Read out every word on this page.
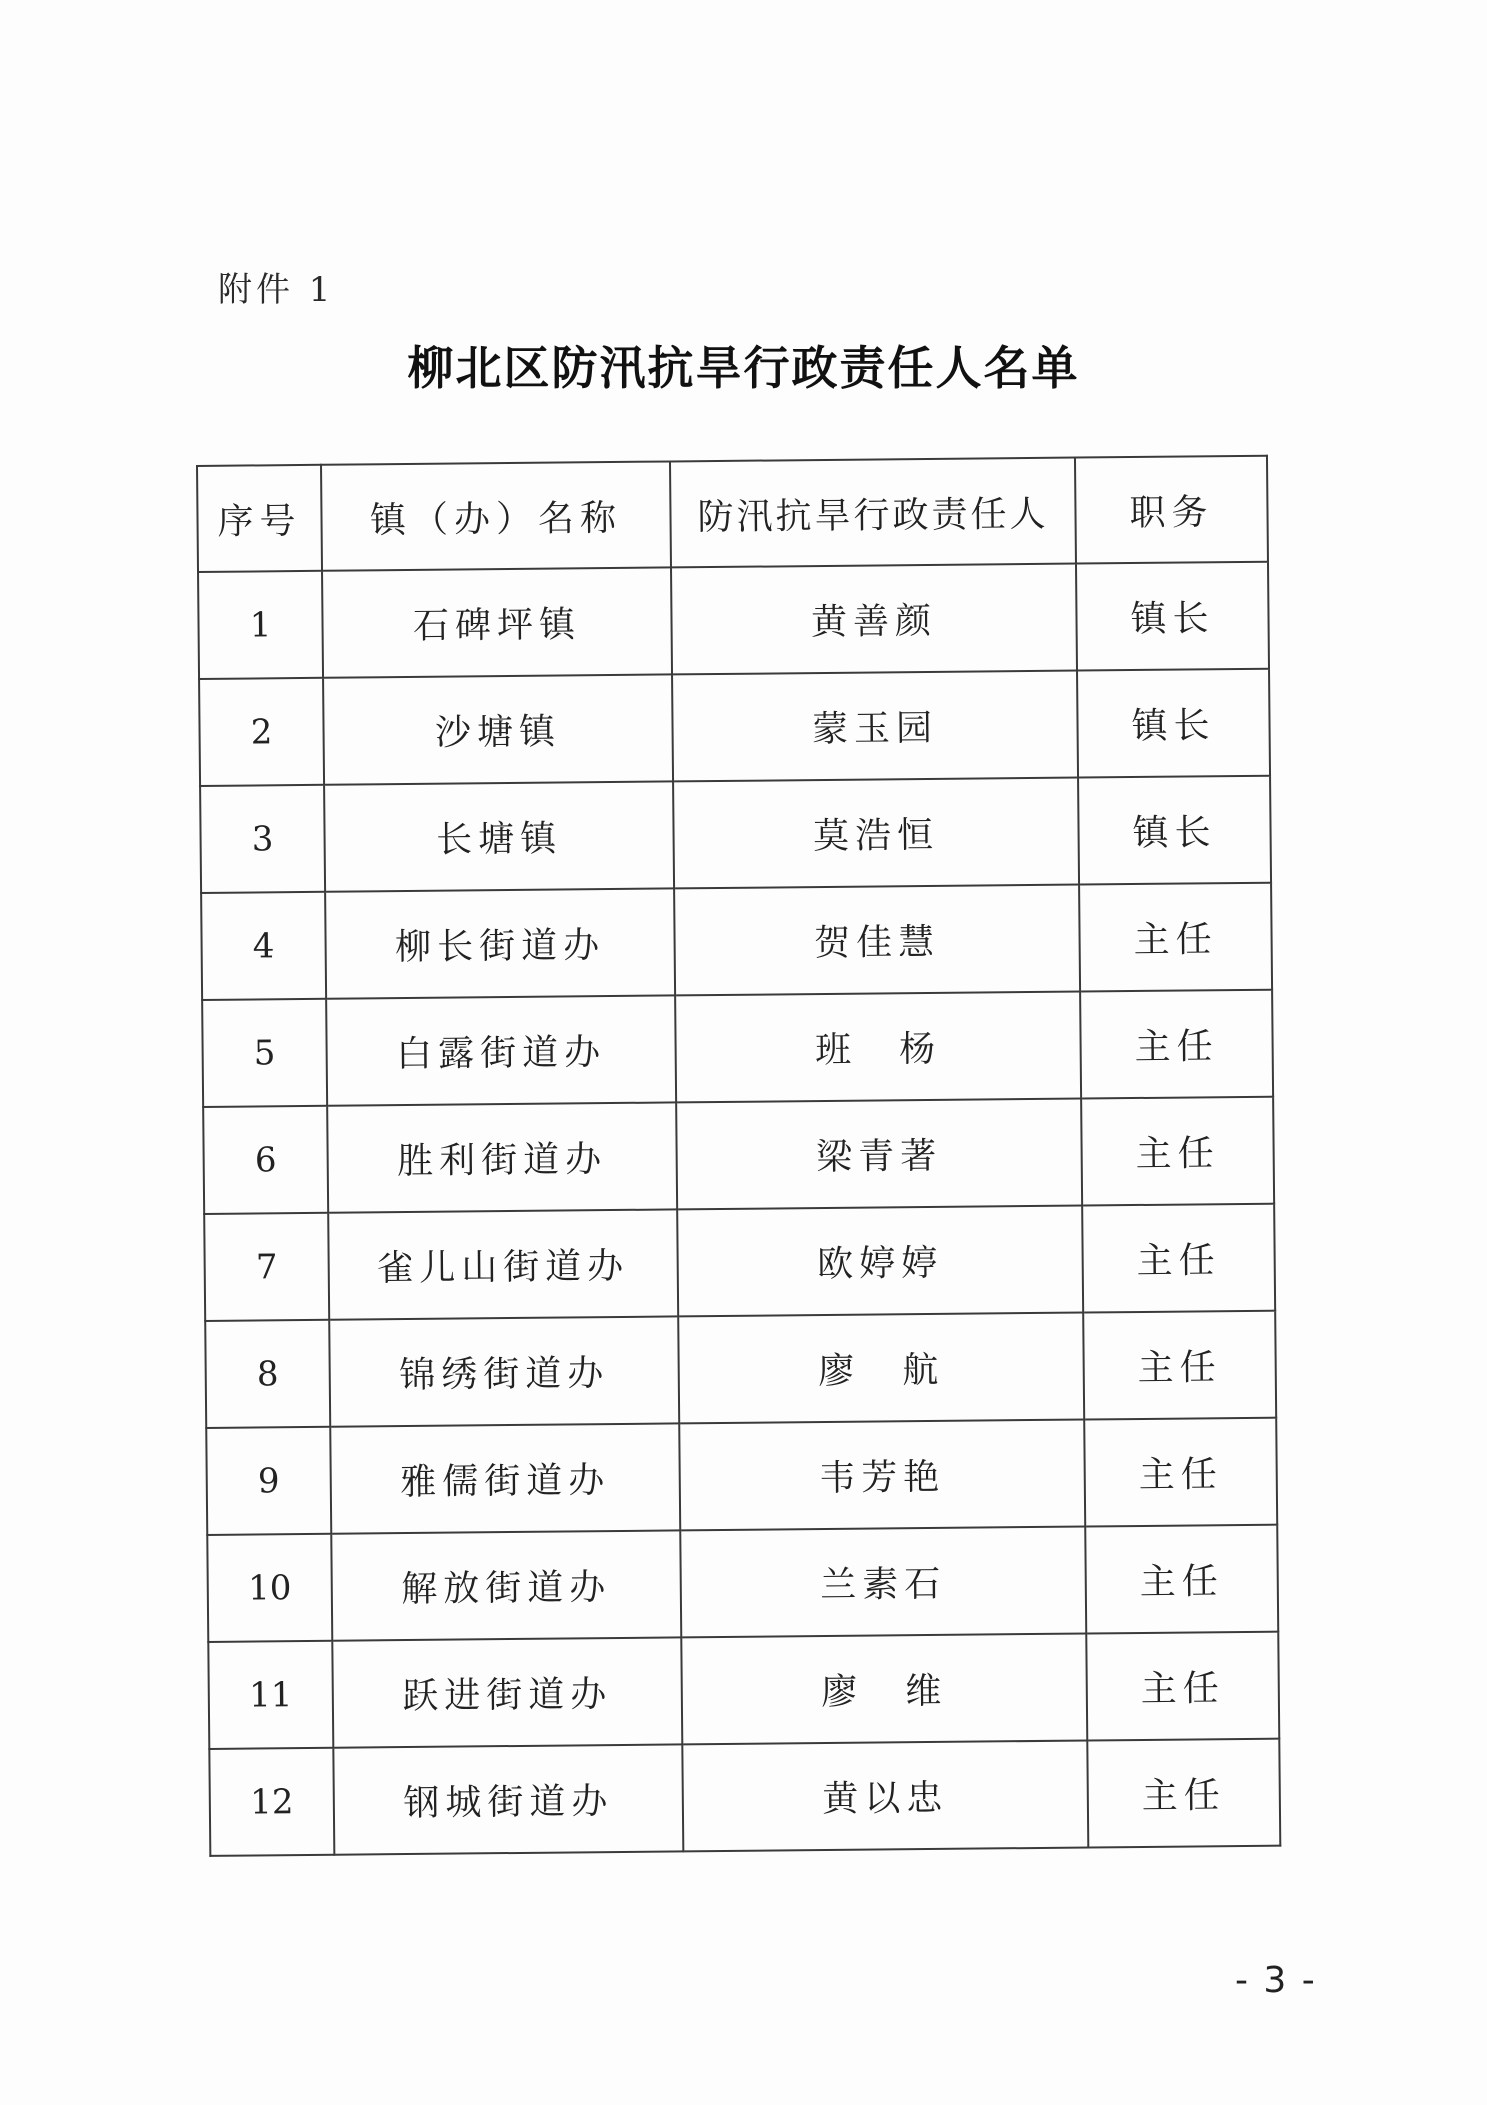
附件 1
柳北区防汛抗旱行政责任人名单
序号	镇（办）名称	防汛抗旱行政责任人	职务
1	石碑坪镇	黄善颜	镇长
2	沙塘镇	蒙玉园	镇长
3	长塘镇	莫浩恒	镇长
4	柳长街道办	贺佳慧	主任
5	白露街道办	班　杨	主任
6	胜利街道办	梁青著	主任
7	雀儿山街道办	欧婷婷	主任
8	锦绣街道办	廖　航	主任
9	雅儒街道办	韦芳艳	主任
10	解放街道办	兰素石	主任
11	跃进街道办	廖　维	主任
12	钢城街道办	黄以忠	主任
- 3 -
